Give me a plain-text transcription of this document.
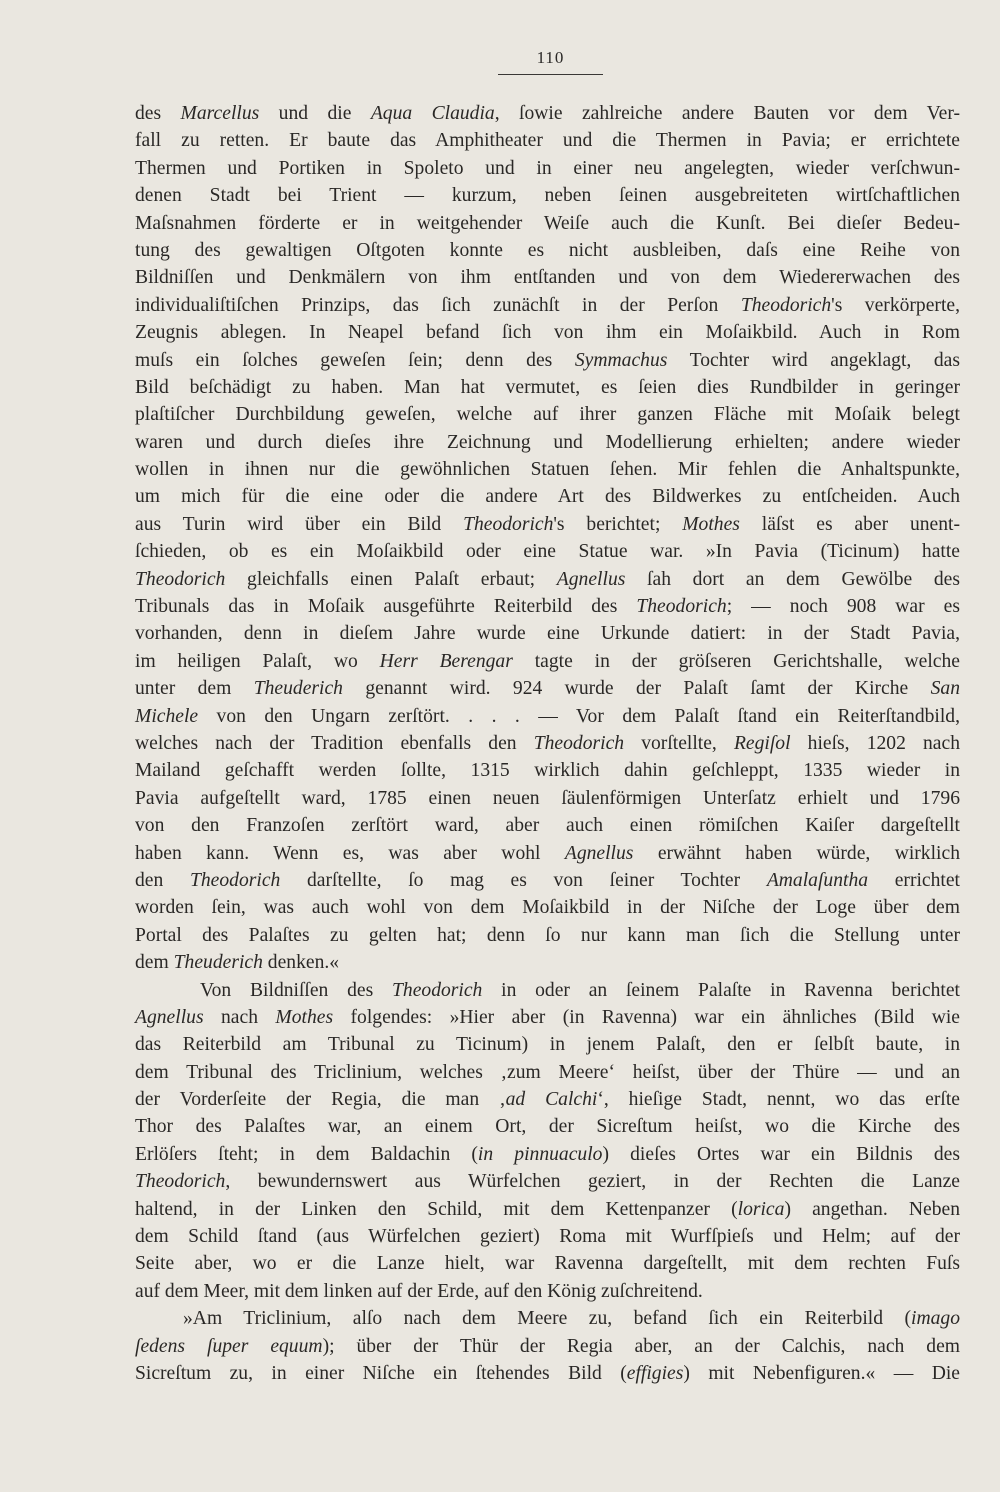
110
des Marcellus und die Aqua Claudia, ſowie zahlreiche andere Bauten vor dem Ver-
fall zu retten. Er baute das Amphitheater und die Thermen in Pavia; er errichtete
Thermen und Portiken in Spoleto und in einer neu angelegten, wieder verſchwun-
denen Stadt bei Trient — kurzum, neben ſeinen ausgebreiteten wirtſchaftlichen
Maſsnahmen förderte er in weitgehender Weiſe auch die Kunſt. Bei dieſer Bedeu-
tung des gewaltigen Oſtgoten konnte es nicht ausbleiben, daſs eine Reihe von
Bildniſſen und Denkmälern von ihm entſtanden und von dem Wiedererwachen des
individualiſtiſchen Prinzips, das ſich zunächſt in der Perſon Theodorich's verkörperte,
Zeugnis ablegen. In Neapel befand ſich von ihm ein Moſaikbild. Auch in Rom
muſs ein ſolches geweſen ſein; denn des Symmachus Tochter wird angeklagt, das
Bild beſchädigt zu haben. Man hat vermutet, es ſeien dies Rundbilder in geringer
plaſtiſcher Durchbildung geweſen, welche auf ihrer ganzen Fläche mit Moſaik belegt
waren und durch dieſes ihre Zeichnung und Modellierung erhielten; andere wieder
wollen in ihnen nur die gewöhnlichen Statuen ſehen. Mir fehlen die Anhaltspunkte,
um mich für die eine oder die andere Art des Bildwerkes zu entſcheiden. Auch
aus Turin wird über ein Bild Theodorich's berichtet; Mothes läſst es aber unent-
ſchieden, ob es ein Moſaikbild oder eine Statue war. »In Pavia (Ticinum) hatte
Theodorich gleichfalls einen Palaſt erbaut; Agnellus ſah dort an dem Gewölbe des
Tribunals das in Moſaik ausgeführte Reiterbild des Theodorich; — noch 908 war es
vorhanden, denn in dieſem Jahre wurde eine Urkunde datiert: in der Stadt Pavia,
im heiligen Palaſt, wo Herr Berengar tagte in der gröſseren Gerichtshalle, welche
unter dem Theuderich genannt wird. 924 wurde der Palaſt ſamt der Kirche San
Michele von den Ungarn zerſtört. . . . — Vor dem Palaſt ſtand ein Reiterſtandbild,
welches nach der Tradition ebenfalls den Theodorich vorſtellte, Regiſol hieſs, 1202 nach
Mailand geſchafft werden ſollte, 1315 wirklich dahin geſchleppt, 1335 wieder in
Pavia aufgeſtellt ward, 1785 einen neuen ſäulenförmigen Unterſatz erhielt und 1796
von den Franzoſen zerſtört ward, aber auch einen römiſchen Kaiſer dargeſtellt
haben kann. Wenn es, was aber wohl Agnellus erwähnt haben würde, wirklich
den Theodorich darſtellte, ſo mag es von ſeiner Tochter Amalaſuntha errichtet
worden ſein, was auch wohl von dem Moſaikbild in der Niſche der Loge über dem
Portal des Palaſtes zu gelten hat; denn ſo nur kann man ſich die Stellung unter
dem Theuderich denken.«
Von Bildniſſen des Theodorich in oder an ſeinem Palaſte in Ravenna berichtet
Agnellus nach Mothes folgendes: »Hier aber (in Ravenna) war ein ähnliches (Bild wie
das Reiterbild am Tribunal zu Ticinum) in jenem Palaſt, den er ſelbſt baute, in
dem Tribunal des Triclinium, welches ‚zum Meere‘ heiſst, über der Thüre — und an
der Vorderſeite der Regia, die man ‚ad Calchi‘, hieſige Stadt, nennt, wo das erſte
Thor des Palaſtes war, an einem Ort, der Sicreſtum heiſst, wo die Kirche des
Erlöſers ſteht; in dem Baldachin (in pinnuaculo) dieſes Ortes war ein Bildnis des
Theodorich, bewundernswert aus Würfelchen geziert, in der Rechten die Lanze
haltend, in der Linken den Schild, mit dem Kettenpanzer (lorica) angethan. Neben
dem Schild ſtand (aus Würfelchen geziert) Roma mit Wurfſpieſs und Helm; auf der
Seite aber, wo er die Lanze hielt, war Ravenna dargeſtellt, mit dem rechten Fuſs
auf dem Meer, mit dem linken auf der Erde, auf den König zuſchreitend.
»Am Triclinium, alſo nach dem Meere zu, befand ſich ein Reiterbild (imago
ſedens ſuper equum); über der Thür der Regia aber, an der Calchis, nach dem
Sicreſtum zu, in einer Niſche ein ſtehendes Bild (effigies) mit Nebenfiguren.« — Die
